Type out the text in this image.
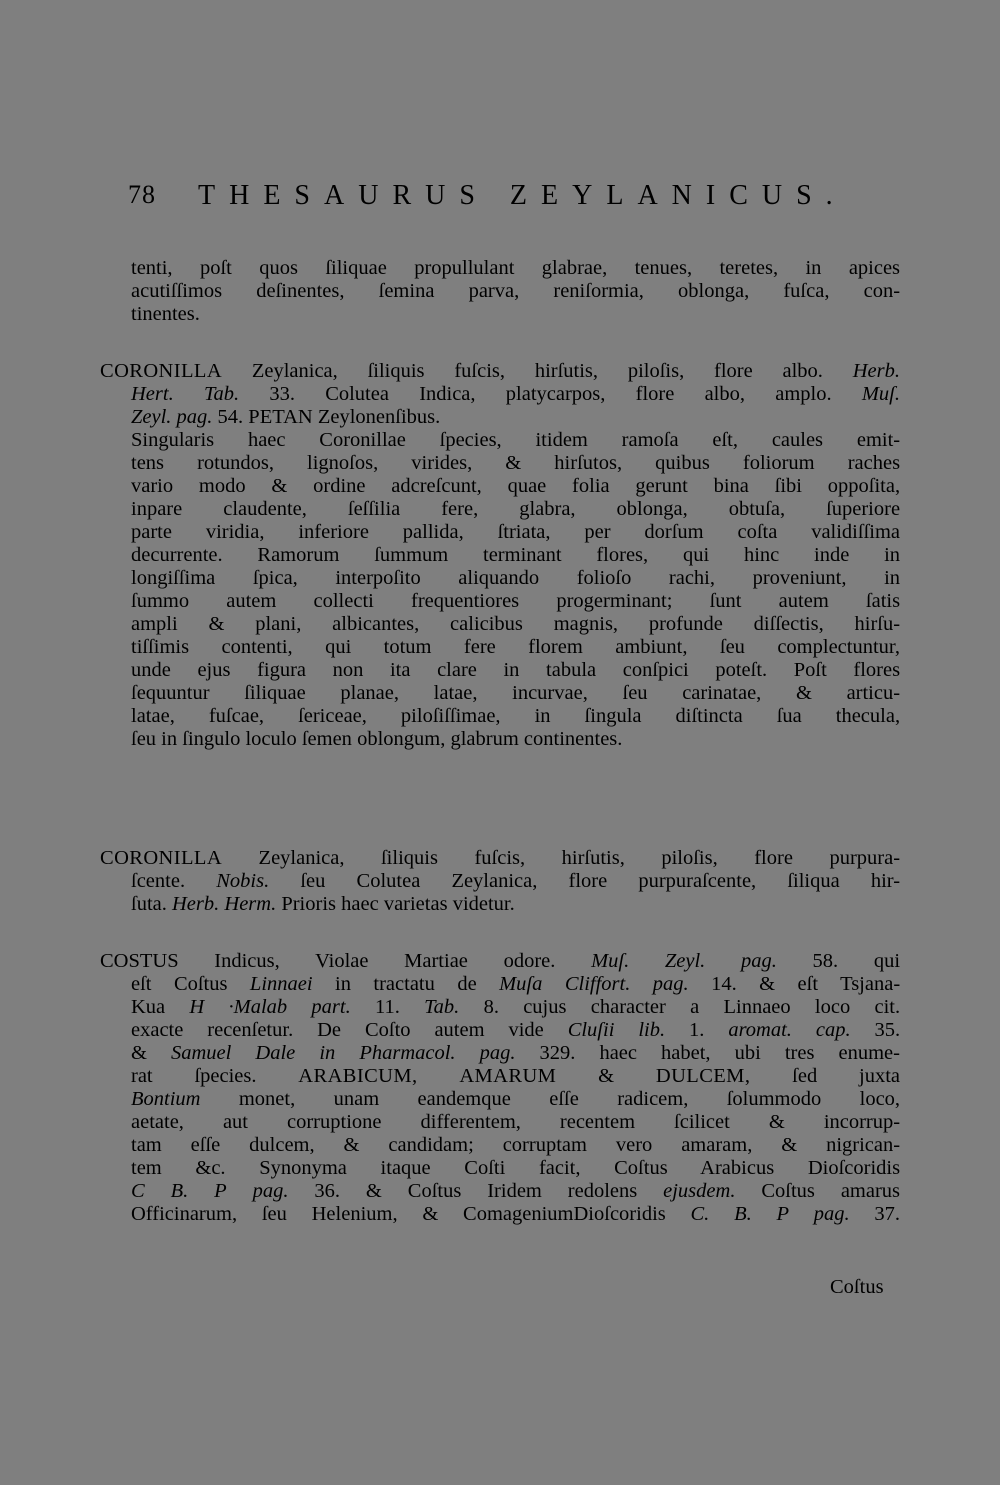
78 THESAURUS ZEYLANICUS.
tenti, poſt quos ſiliquae propullulant glabrae, tenues, teretes, in apices
acutiſſimos deſinentes, ſemina parva, reniſormia, oblonga, fuſca, con-
tinentes.
CORONILLA Zeylanica, ſiliquis fuſcis, hirſutis, piloſis, flore albo. Herb.
Hert. Tab. 33. Colutea Indica, platycarpos, flore albo, amplo. Muſ.
Zeyl. pag. 54. PETAN Zeylonenſibus.
Singularis haec Coronillae ſpecies, itidem ramoſa eſt, caules emit-
tens rotundos, lignoſos, virides, & hirſutos, quibus foliorum raches
vario modo & ordine adcreſcunt, quae folia gerunt bina ſibi oppoſita,
inpare claudente, ſeſſilia fere, glabra, oblonga, obtuſa, ſuperiore
parte viridia, inferiore pallida, ſtriata, per dorſum coſta validiſſima
decurrente. Ramorum ſummum terminant flores, qui hinc inde in
longiſſima ſpica, interpoſito aliquando folioſo rachi, proveniunt, in
ſummo autem collecti frequentiores progerminant; ſunt autem ſatis
ampli & plani, albicantes, calicibus magnis, profunde diſſectis, hirſu-
tiſſimis contenti, qui totum fere florem ambiunt, ſeu complectuntur,
unde ejus figura non ita clare in tabula conſpici poteſt. Poſt flores
ſequuntur ſiliquae planae, latae, incurvae, ſeu carinatae, & articu-
latae, fuſcae, ſericeae, piloſiſſimae, in ſingula diſtincta ſua thecula,
ſeu in ſingulo loculo ſemen oblongum, glabrum continentes.
CORONILLA Zeylanica, ſiliquis fuſcis, hirſutis, piloſis, flore purpura-
ſcente. Nobis. ſeu Colutea Zeylanica, flore purpuraſcente, ſiliqua hir-
ſuta. Herb. Herm. Prioris haec varietas videtur.
COSTUS Indicus, Violae Martiae odore. Muſ. Zeyl. pag. 58. qui
eſt Coſtus Linnaei in tractatu de Muſa Cliffort. pag. 14. & eſt Tsjana-
Kua H ·Malab part. 11. Tab. 8. cujus character a Linnaeo loco cit.
exacte recenſetur. De Coſto autem vide Cluſii lib. 1. aromat. cap. 35.
& Samuel Dale in Pharmacol. pag. 329. haec habet, ubi tres enume-
rat ſpecies. ARABICUM, AMARUM & DULCEM, ſed juxta
Bontium monet, unam eandemque eſſe radicem, ſolummodo loco,
aetate, aut corruptione differentem, recentem ſcilicet & incorrup-
tam eſſe dulcem, & candidam; corruptam vero amaram, & nigrican-
tem &c. Synonyma itaque Coſti facit, Coſtus Arabicus Dioſcoridis
C B. P pag. 36. & Coſtus Iridem redolens ejusdem. Coſtus amarus
Officinarum, ſeu Helenium, & ComageniumDioſcoridis C. B. P pag. 37.
Coſtus
